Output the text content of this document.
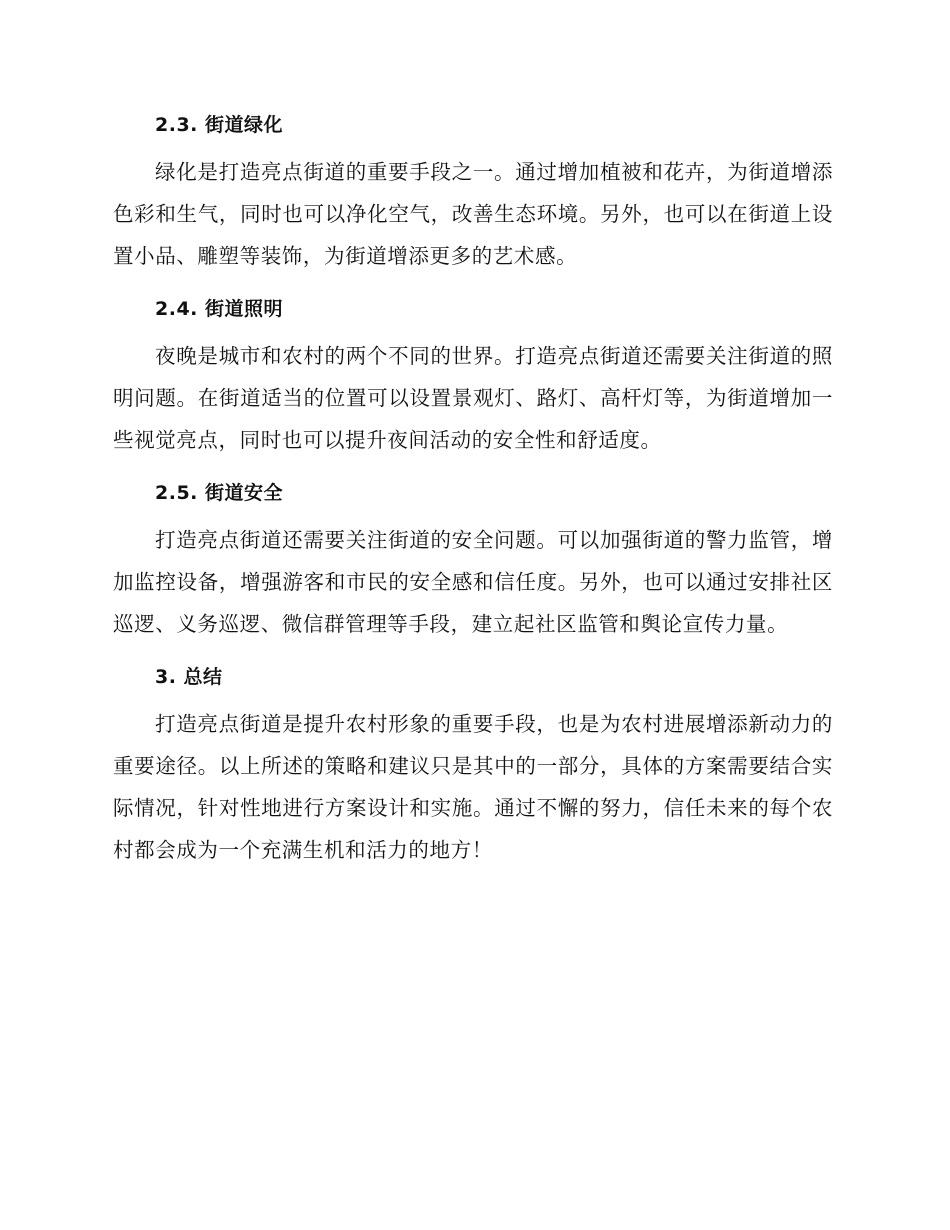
2.3. 街道绿化

绿化是打造亮点街道的重要手段之一。通过增加植被和花卉，为街道增添色彩和生气，同时也可以净化空气，改善生态环境。另外，也可以在街道上设置小品、雕塑等装饰，为街道增添更多的艺术感。

2.4. 街道照明

夜晚是城市和农村的两个不同的世界。打造亮点街道还需要关注街道的照明问题。在街道适当的位置可以设置景观灯、路灯、高杆灯等，为街道增加一些视觉亮点，同时也可以提升夜间活动的安全性和舒适度。

2.5. 街道安全

打造亮点街道还需要关注街道的安全问题。可以加强街道的警力监管，增加监控设备，增强游客和市民的安全感和信任度。另外，也可以通过安排社区巡逻、义务巡逻、微信群管理等手段，建立起社区监管和舆论宣传力量。

3. 总结

打造亮点街道是提升农村形象的重要手段，也是为农村进展增添新动力的重要途径。以上所述的策略和建议只是其中的一部分，具体的方案需要结合实际情况，针对性地进行方案设计和实施。通过不懈的努力，信任未来的每个农村都会成为一个充满生机和活力的地方！
